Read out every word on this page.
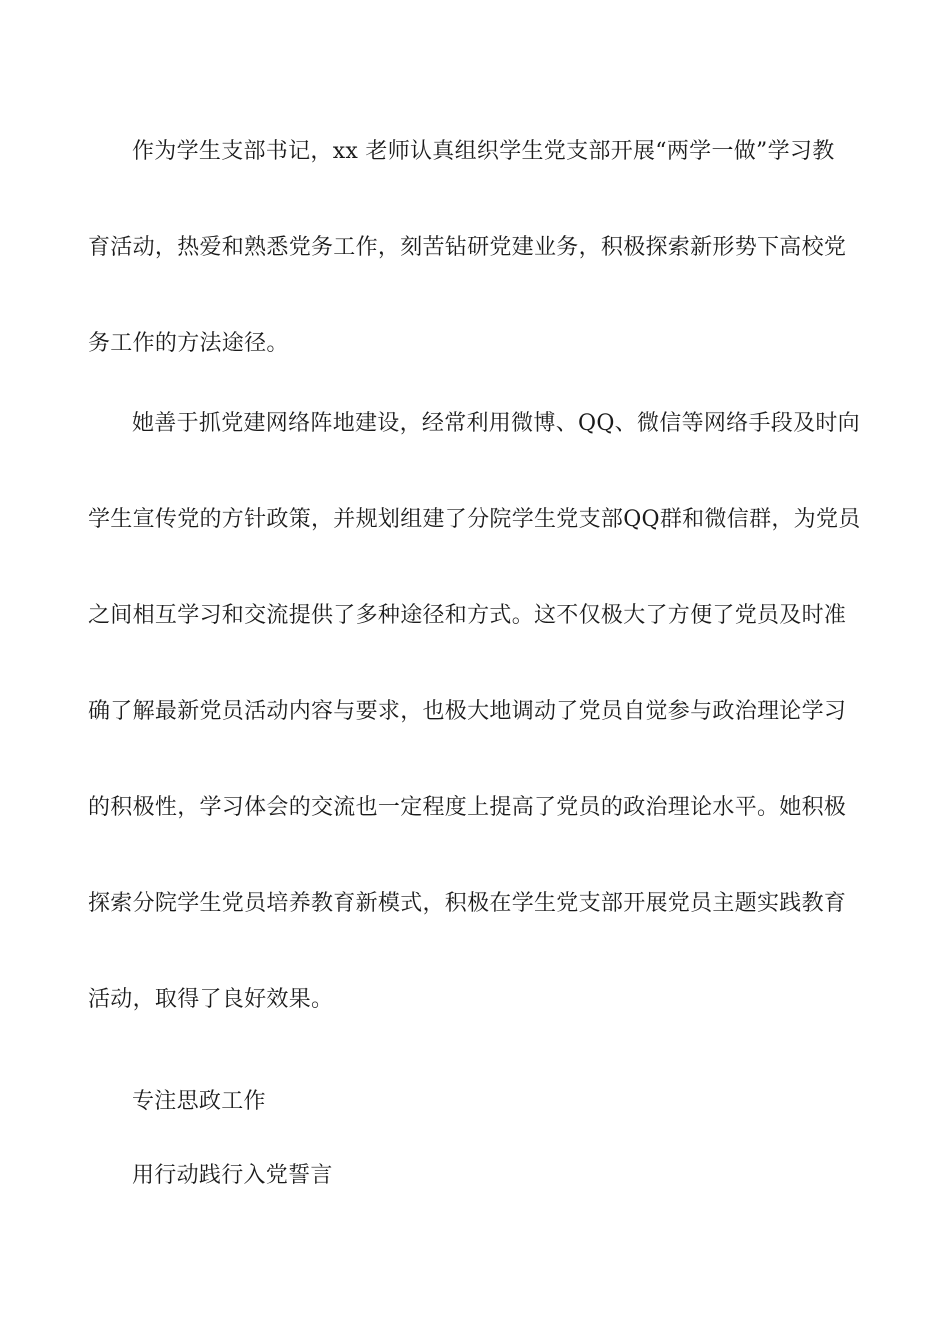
作为学生支部书记，xx 老师认真组织学生党支部开展“两学一做”学习教
育活动，热爱和熟悉党务工作，刻苦钻研党建业务，积极探索新形势下高校党
务工作的方法途径。
她善于抓党建网络阵地建设，经常利用微博、QQ、微信等网络手段及时向
学生宣传党的方针政策，并规划组建了分院学生党支部QQ群和微信群，为党员
之间相互学习和交流提供了多种途径和方式。这不仅极大了方便了党员及时准
确了解最新党员活动内容与要求，也极大地调动了党员自觉参与政治理论学习
的积极性，学习体会的交流也一定程度上提高了党员的政治理论水平。她积极
探索分院学生党员培养教育新模式，积极在学生党支部开展党员主题实践教育
活动，取得了良好效果。

专注思政工作

用行动践行入党誓言
